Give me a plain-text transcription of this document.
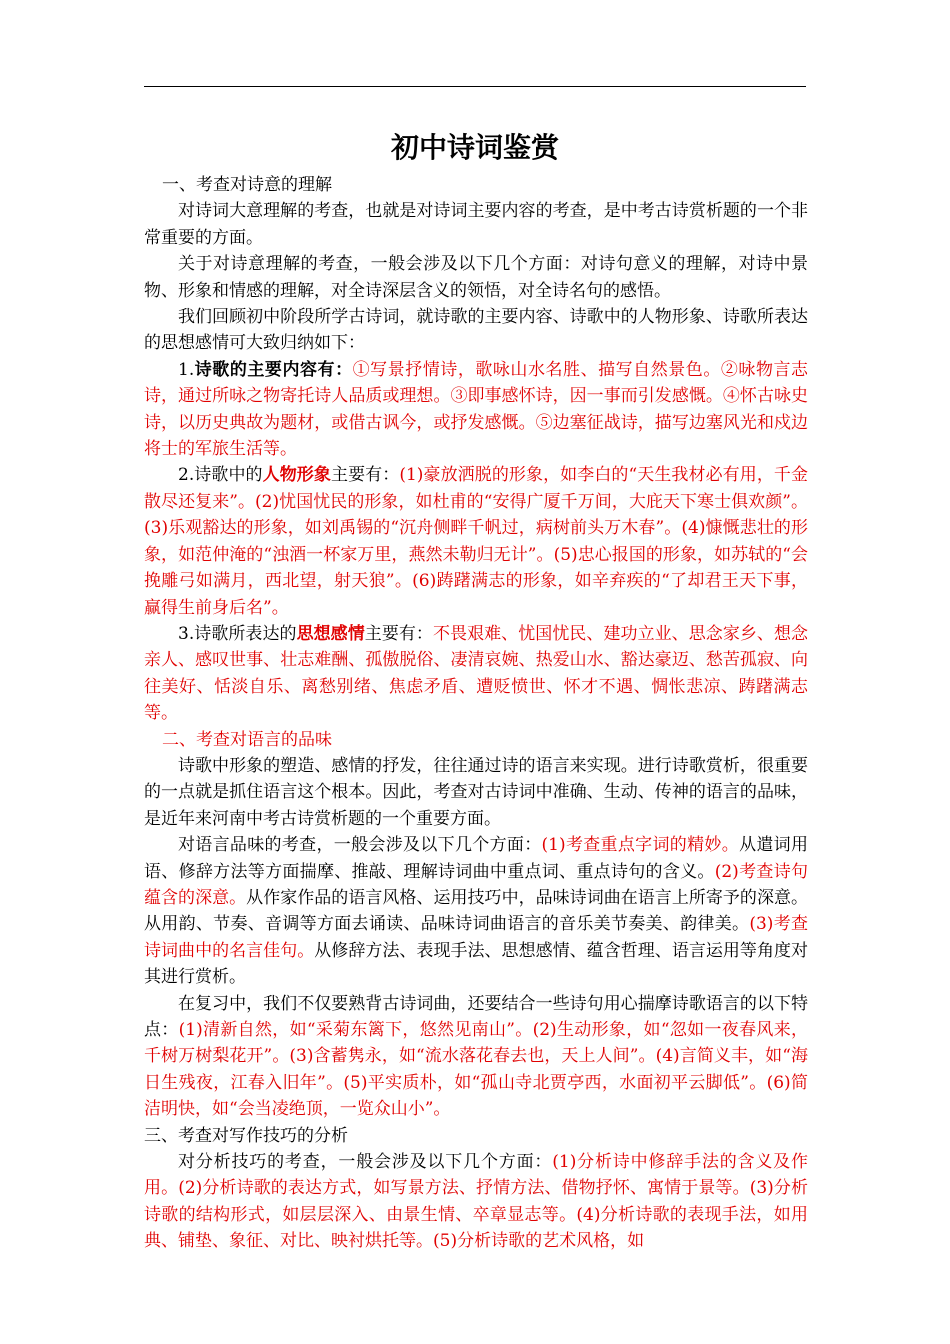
初中诗词鉴赏

一、考查对诗意的理解

对诗词大意理解的考查，也就是对诗词主要内容的考查，是中考古诗赏析题的一个非常重要的方面。

关于对诗意理解的考查，一般会涉及以下几个方面：对诗句意义的理解，对诗中景物、形象和情感的理解，对全诗深层含义的领悟，对全诗名句的感悟。

我们回顾初中阶段所学古诗词，就诗歌的主要内容、诗歌中的人物形象、诗歌所表达的思想感情可大致归纳如下：

1.诗歌的主要内容有：①写景抒情诗，歌咏山水名胜、描写自然景色。②咏物言志诗，通过所咏之物寄托诗人品质或理想。③即事感怀诗，因一事而引发感慨。④怀古咏史诗，以历史典故为题材，或借古讽今，或抒发感慨。⑤边塞征战诗，描写边塞风光和戍边将士的军旅生活等。

2.诗歌中的人物形象主要有：(1)豪放洒脱的形象，如李白的“天生我材必有用，千金散尽还复来”。(2)忧国忧民的形象，如杜甫的“安得广厦千万间，大庇天下寒士俱欢颜”。(3)乐观豁达的形象，如刘禹锡的“沉舟侧畔千帆过，病树前头万木春”。(4)慷慨悲壮的形象，如范仲淹的“浊酒一杯家万里，燕然未勒归无计”。(5)忠心报国的形象，如苏轼的“会挽雕弓如满月，西北望，射天狼”。(6)踌躇满志的形象，如辛弃疾的“了却君王天下事，赢得生前身后名”。

3.诗歌所表达的思想感情主要有：不畏艰难、忧国忧民、建功立业、思念家乡、想念亲人、感叹世事、壮志难酬、孤傲脱俗、凄清哀婉、热爱山水、豁达豪迈、愁苦孤寂、向往美好、恬淡自乐、离愁别绪、焦虑矛盾、遭贬愤世、怀才不遇、惆怅悲凉、踌躇满志等。

二、考查对语言的品味

诗歌中形象的塑造、感情的抒发，往往通过诗的语言来实现。进行诗歌赏析，很重要的一点就是抓住语言这个根本。因此，考查对古诗词中准确、生动、传神的语言的品味，是近年来河南中考古诗赏析题的一个重要方面。

对语言品味的考查，一般会涉及以下几个方面：(1)考查重点字词的精妙。从遣词用语、修辞方法等方面揣摩、推敲、理解诗词曲中重点词、重点诗句的含义。(2)考查诗句蕴含的深意。从作家作品的语言风格、运用技巧中，品味诗词曲在语言上所寄予的深意。从用韵、节奏、音调等方面去诵读、品味诗词曲语言的音乐美节奏美、韵律美。(3)考查诗词曲中的名言佳句。从修辞方法、表现手法、思想感情、蕴含哲理、语言运用等角度对其进行赏析。

在复习中，我们不仅要熟背古诗词曲，还要结合一些诗句用心揣摩诗歌语言的以下特点：(1)清新自然，如“采菊东篱下，悠然见南山”。(2)生动形象，如“忽如一夜春风来，千树万树梨花开”。(3)含蓄隽永，如“流水落花春去也，天上人间”。(4)言简义丰，如“海日生残夜，江春入旧年”。(5)平实质朴，如“孤山寺北贾亭西，水面初平云脚低”。(6)简洁明快，如“会当凌绝顶，一览众山小”。

三、考查对写作技巧的分析

对分析技巧的考查，一般会涉及以下几个方面：(1)分析诗中修辞手法的含义及作用。(2)分析诗歌的表达方式，如写景方法、抒情方法、借物抒怀、寓情于景等。(3)分析诗歌的结构形式，如层层深入、由景生情、卒章显志等。(4)分析诗歌的表现手法，如用典、铺垫、象征、对比、映衬烘托等。(5)分析诗歌的艺术风格，如
